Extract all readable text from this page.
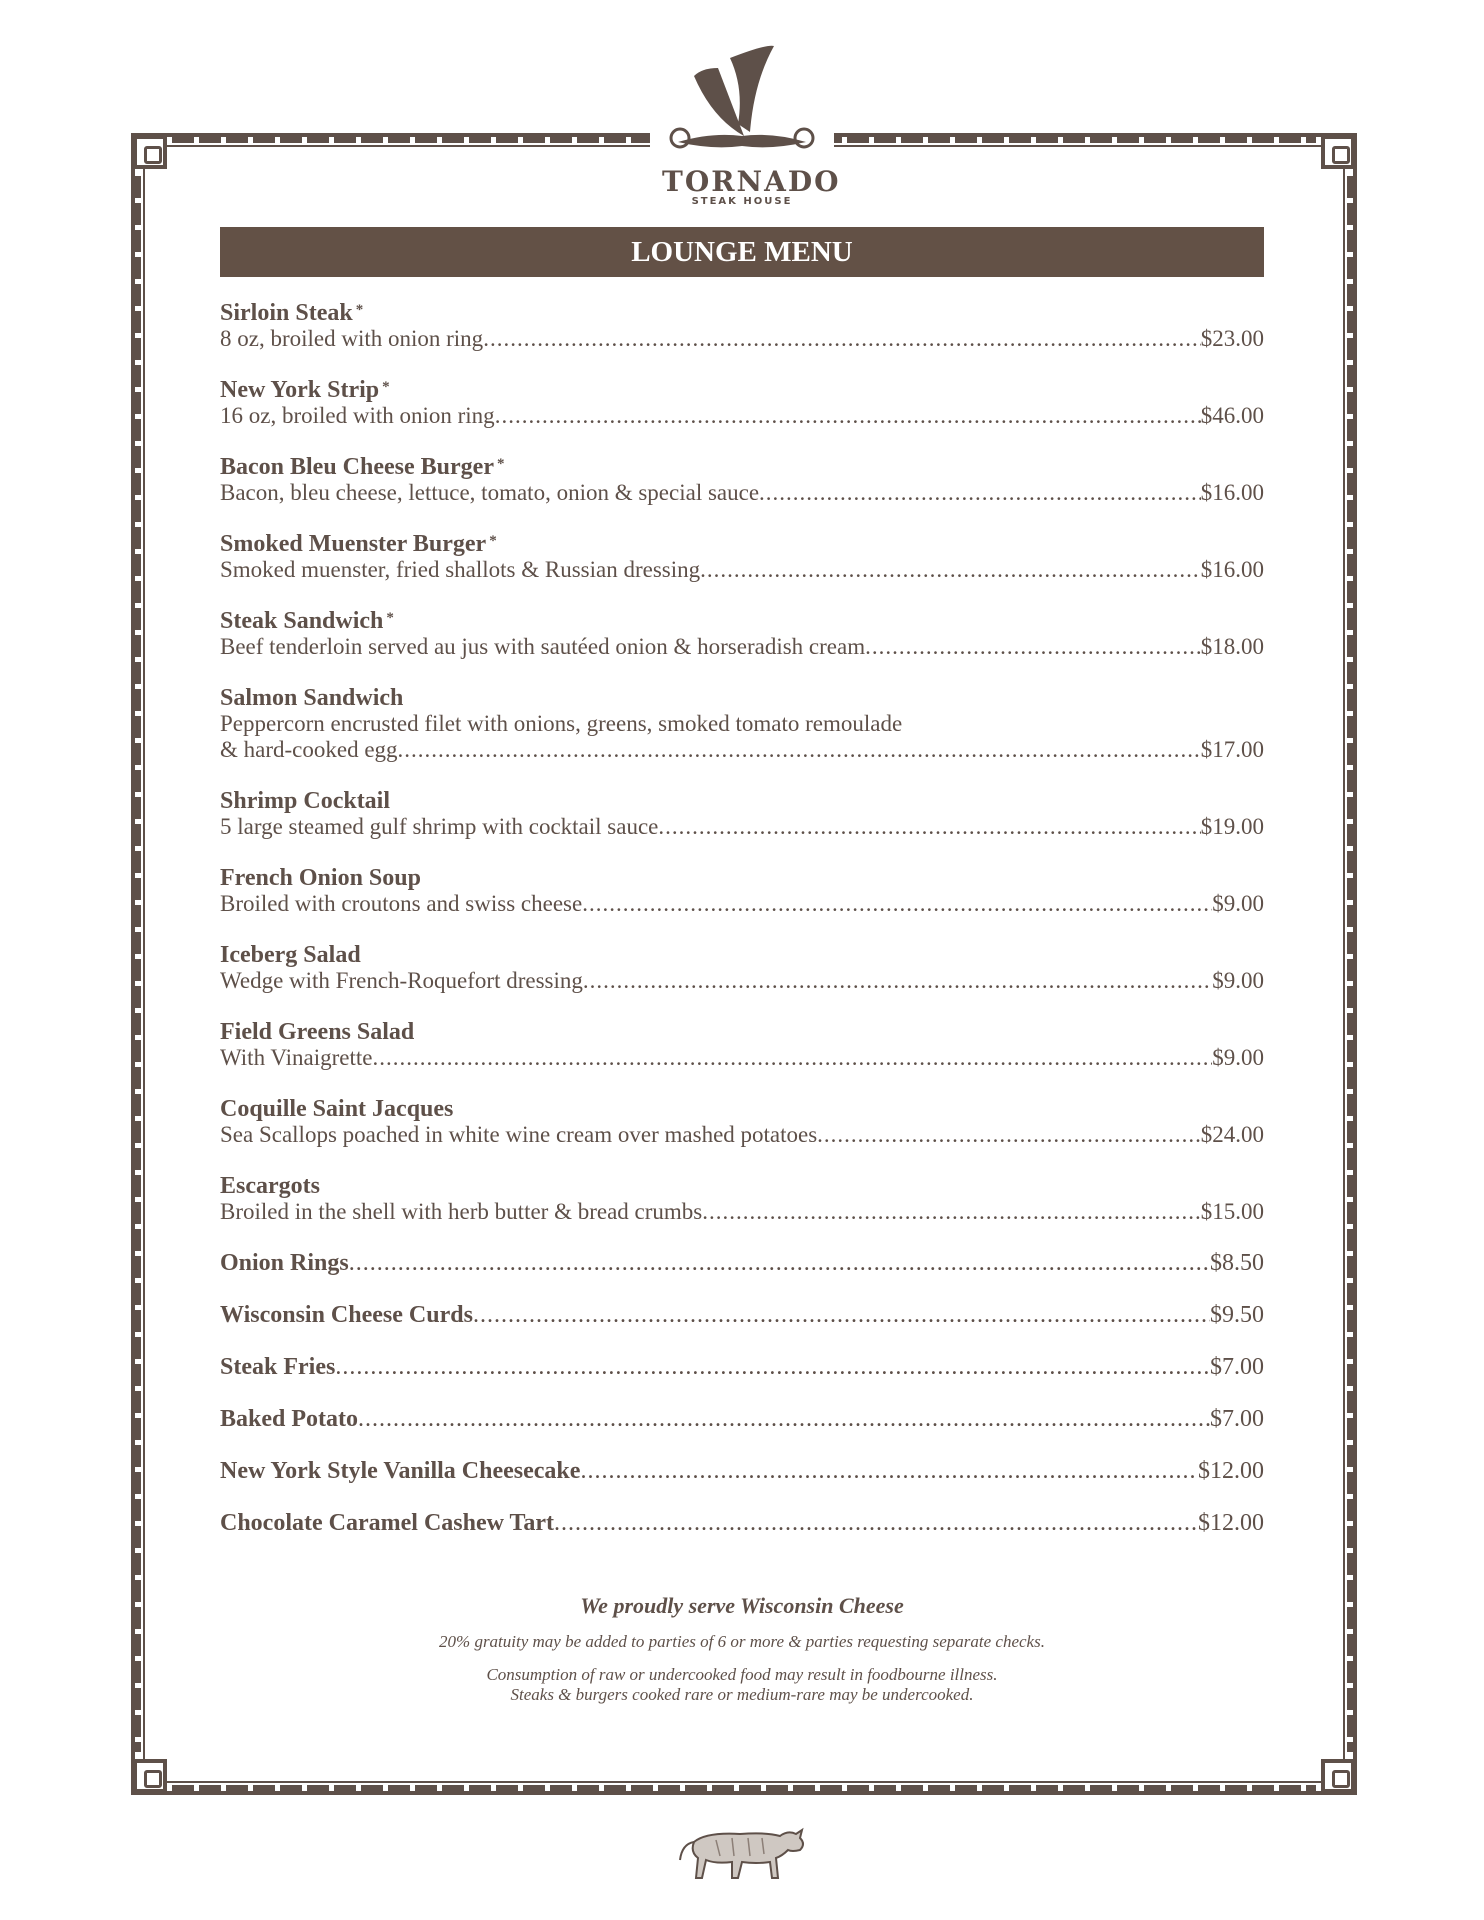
TORNADO
STEAK HOUSE
LOUNGE MENU
Sirloin Steak *
8 oz, broiled with onion ring .....	$23.00
New York Strip *
16 oz, broiled with onion ring .....	$46.00
Bacon Bleu Cheese Burger *
Bacon, bleu cheese, lettuce, tomato, onion & special sauce .....	$16.00
Smoked Muenster Burger *
Smoked muenster, fried shallots & Russian dressing .....	$16.00
Steak Sandwich *
Beef tenderloin served au jus with sautéed onion & horseradish cream .....	$18.00
Salmon Sandwich
Peppercorn encrusted filet with onions, greens, smoked tomato remoulade
& hard-cooked egg .....	$17.00
Shrimp Cocktail
5 large steamed gulf shrimp with cocktail sauce .....	$19.00
French Onion Soup
Broiled with croutons and swiss cheese .....	$9.00
Iceberg Salad
Wedge with French-Roquefort dressing .....	$9.00
Field Greens Salad
With Vinaigrette .....	$9.00
Coquille Saint Jacques
Sea Scallops poached in white wine cream over mashed potatoes .....	$24.00
Escargots
Broiled in the shell with herb butter & bread crumbs .....	$15.00
Onion Rings .....	$8.50
Wisconsin Cheese Curds .....	$9.50
Steak Fries .....	$7.00
Baked Potato .....	$7.00
New York Style Vanilla Cheesecake .....	$12.00
Chocolate Caramel Cashew Tart .....	$12.00
We proudly serve Wisconsin Cheese
20% gratuity may be added to parties of 6 or more & parties requesting separate checks.
Consumption of raw or undercooked food may result in foodbourne illness.
Steaks & burgers cooked rare or medium-rare may be undercooked.
